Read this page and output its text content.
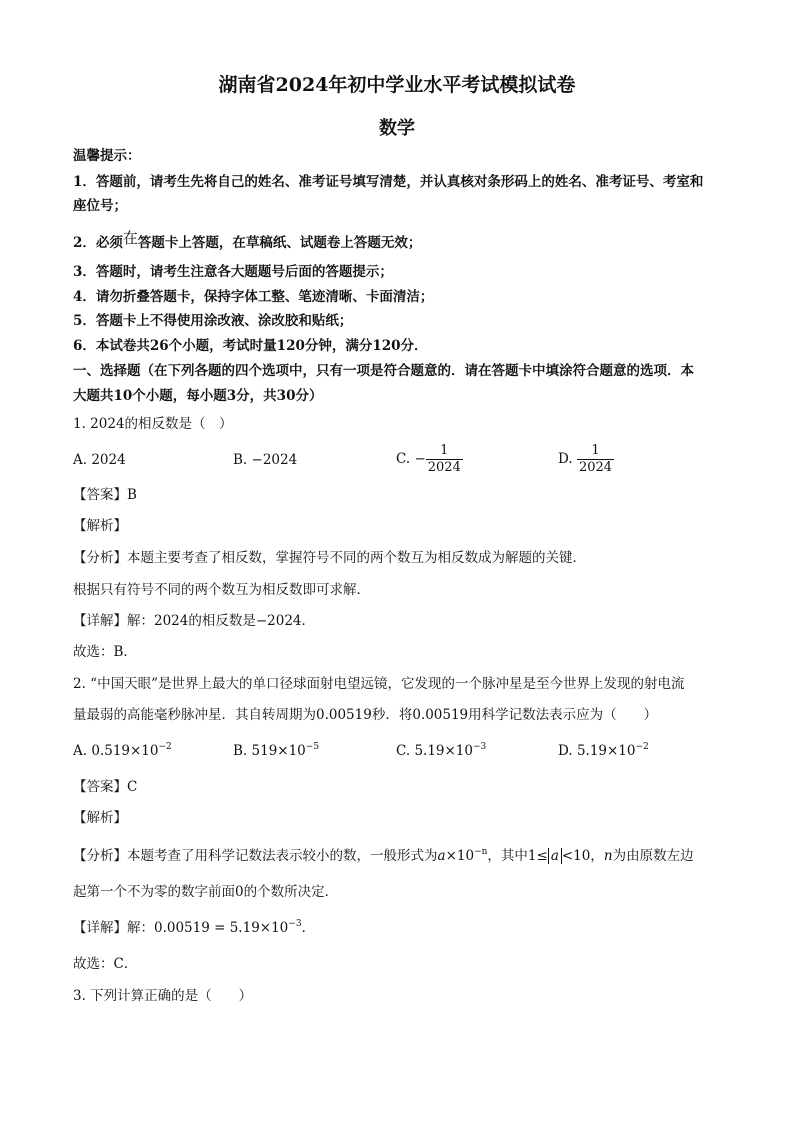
湖南省2024年初中学业水平考试模拟试卷
数学
温馨提示：
1．答题前，请考生先将自己的姓名、准考证号填写清楚，并认真核对条形码上的姓名、准考证号、考室和
座位号；
2．必须在答题卡上答题，在草稿纸、试题卷上答题无效；
3．答题时，请考生注意各大题题号后面的答题提示；
4．请勿折叠答题卡，保持字体工整、笔迹清晰、卡面清洁；
5．答题卡上不得使用涂改液、涂改胶和贴纸；
6．本试卷共26个小题，考试时量120分钟，满分120分．
一、选择题（在下列各题的四个选项中，只有一项是符合题意的．请在答题卡中填涂符合题意的选项．本
大题共10个小题，每小题3分，共30分）
1. 2024的相反数是（　）
A. 2024	B. −2024	C. − $\frac{1}{2024}$	D. $\frac{1}{2024}$
【答案】B
【解析】
【分析】本题主要考查了相反数，掌握符号不同的两个数互为相反数成为解题的关键．
根据只有符号不同的两个数互为相反数即可求解．
【详解】解：2024的相反数是−2024．
故选：B．
2. “中国天眼”是世界上最大的单口径球面射电望远镜，它发现的一个脉冲星是至今世界上发现的射电流
量最弱的高能毫秒脉冲星．其自转周期为0.00519秒．将0.00519用科学记数法表示应为（　　）
A. $0.519\times 10^{-2}$	B. $519\times 10^{-5}$	C. $5.19\times 10^{-3}$	D. $5.19\times 10^{-2}$
【答案】C
【解析】
【分析】本题考查了用科学记数法表示较小的数，一般形式为$a\times 10^{-n}$，其中1≤ a <10，n为由原数左边
起第一个不为零的数字前面0的个数所决定．
【详解】解：$0.00519 = 5.19\times 10^{-3}$．
故选：C．
3. 下列计算正确的是（　　）
